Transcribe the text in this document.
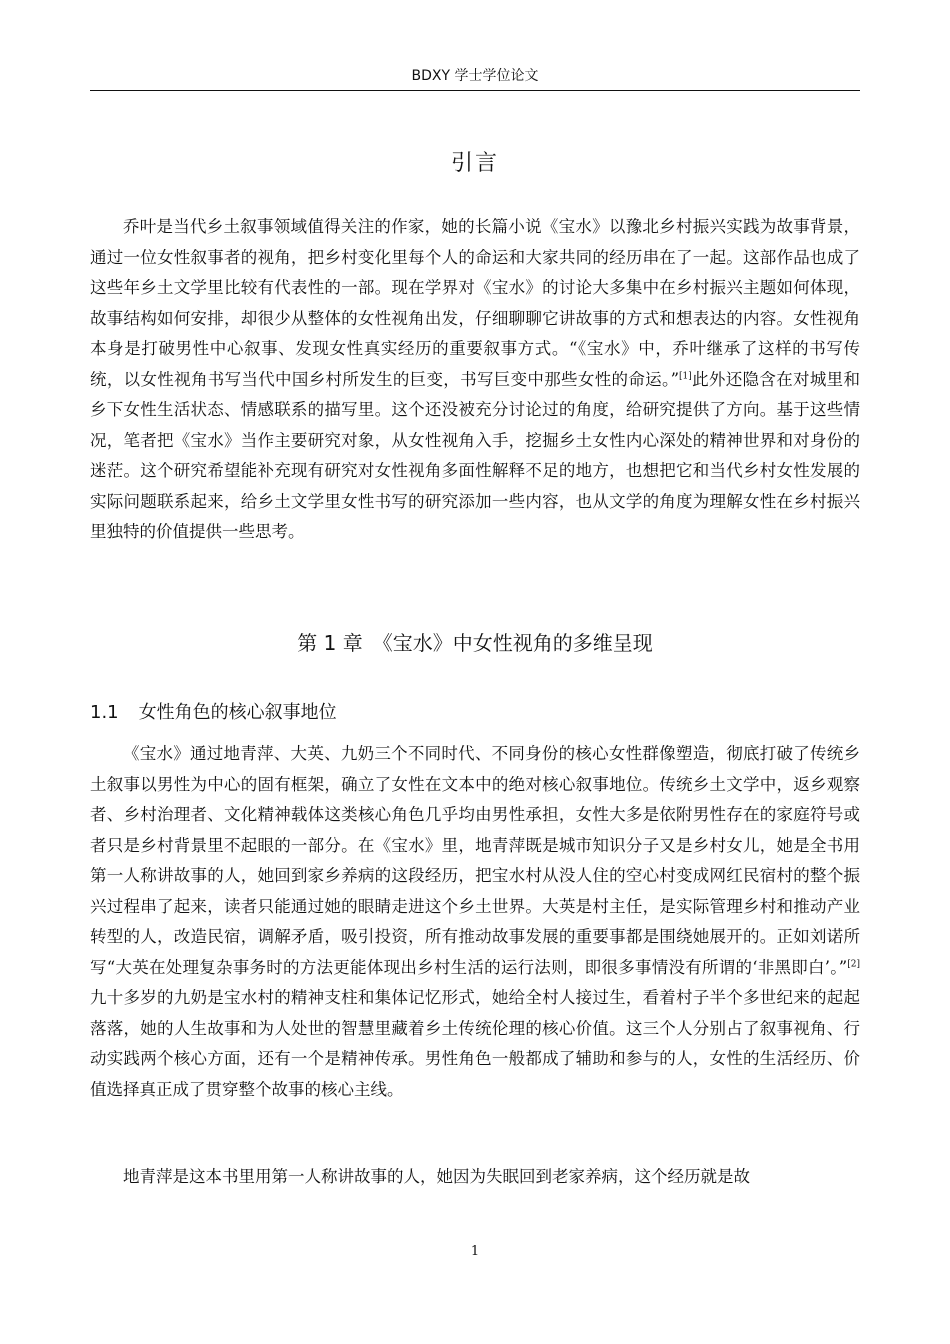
BDXY 学士学位论文
引言

乔叶是当代乡土叙事领域值得关注的作家，她的长篇小说《宝水》以豫北乡村振兴实践为故事背景，通过一位女性叙事者的视角，把乡村变化里每个人的命运和大家共同的经历串在了一起。这部作品也成了这些年乡土文学里比较有代表性的一部。现在学界对《宝水》的讨论大多集中在乡村振兴主题如何体现，故事结构如何安排，却很少从整体的女性视角出发，仔细聊聊它讲故事的方式和想表达的内容。女性视角本身是打破男性中心叙事、发现女性真实经历的重要叙事方式。“《宝水》中，乔叶继承了这样的书写传统，以女性视角书写当代中国乡村所发生的巨变，书写巨变中那些女性的命运。”[1]此外还隐含在对城里和乡下女性生活状态、情感联系的描写里。这个还没被充分讨论过的角度，给研究提供了方向。基于这些情况，笔者把《宝水》当作主要研究对象，从女性视角入手，挖掘乡土女性内心深处的精神世界和对身份的迷茫。这个研究希望能补充现有研究对女性视角多面性解释不足的地方，也想把它和当代乡村女性发展的实际问题联系起来，给乡土文学里女性书写的研究添加一些内容，也从文学的角度为理解女性在乡村振兴里独特的价值提供一些思考。

第 1 章　《宝水》中女性视角的多维呈现
1.1 女性角色的核心叙事地位

《宝水》通过地青萍、大英、九奶三个不同时代、不同身份的核心女性群像塑造，彻底打破了传统乡土叙事以男性为中心的固有框架，确立了女性在文本中的绝对核心叙事地位。传统乡土文学中，返乡观察者、乡村治理者、文化精神载体这类核心角色几乎均由男性承担，女性大多是依附男性存在的家庭符号或者只是乡村背景里不起眼的一部分。在《宝水》里，地青萍既是城市知识分子又是乡村女儿，她是全书用第一人称讲故事的人，她回到家乡养病的这段经历，把宝水村从没人住的空心村变成网红民宿村的整个振兴过程串了起来，读者只能通过她的眼睛走进这个乡土世界。大英是村主任，是实际管理乡村和推动产业转型的人，改造民宿，调解矛盾，吸引投资，所有推动故事发展的重要事都是围绕她展开的。正如刘诺所写“大英在处理复杂事务时的方法更能体现出乡村生活的运行法则，即很多事情没有所谓的‘非黑即白’。”[2]九十多岁的九奶是宝水村的精神支柱和集体记忆形式，她给全村人接过生，看着村子半个多世纪来的起起落落，她的人生故事和为人处世的智慧里藏着乡土传统伦理的核心价值。这三个人分别占了叙事视角、行动实践两个核心方面，还有一个是精神传承。男性角色一般都成了辅助和参与的人，女性的生活经历、价值选择真正成了贯穿整个故事的核心主线。

地青萍是这本书里用第一人称讲故事的人，她因为失眠回到老家养病，这个经历就是故

1
